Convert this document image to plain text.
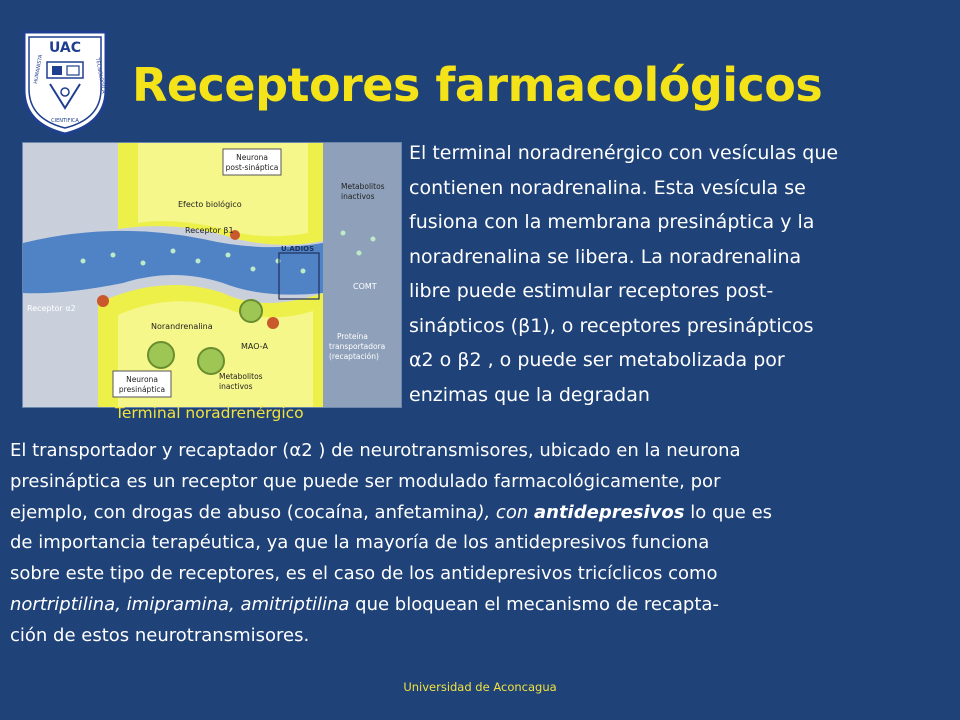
UAC
HUMANISTA	TECNOLOGICA
CIENTIFICA
Receptores farmacológicos
Neurona
post-sináptica
Neurona
presináptica
Efecto biológico
Receptor β1
Metabolitos
inactivos
COMT
Receptor α2
Norandrenalina
MAO-A
Proteína
transportadora
(recaptación)
Metabolitos
inactivos
U.ADIOS
Terminal noradrenérgico
El terminal noradrenérgico con vesículas que
contienen noradrenalina. Esta vesícula se
fusiona con la membrana presináptica y la
noradrenalina se libera. La noradrenalina
libre puede estimular receptores post-
sinápticos (β1), o receptores presinápticos
α2 o β2 , o puede ser metabolizada por
enzimas que la degradan
El transportador y recaptador (α2 ) de neurotransmisores, ubicado en la neurona
presináptica es un receptor que puede ser modulado farmacológicamente, por
ejemplo, con drogas de abuso (cocaína, anfetamina), con antidepresivos lo que es
de importancia terapéutica, ya que la mayoría de los antidepresivos funciona
sobre este tipo de receptores, es el caso de los antidepresivos tricíclicos como
nortriptilina, imipramina, amitriptilina que bloquean el mecanismo de recapta-
ción de estos neurotransmisores.
Universidad de Aconcagua
